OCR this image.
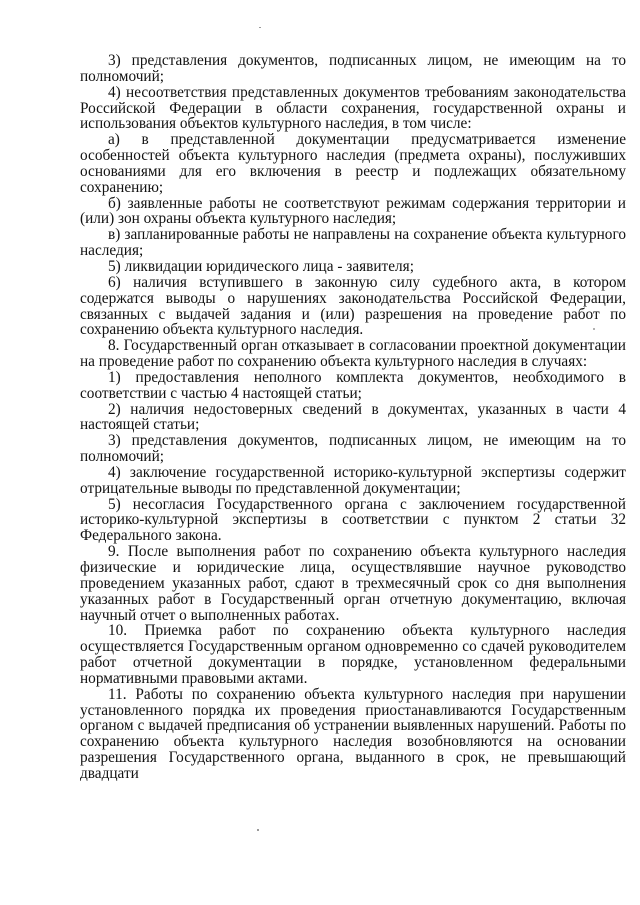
3) представления документов, подписанных лицом, не имеющим на то полномочий;

4) несоответствия представленных документов требованиям законодательства Российской Федерации в области сохранения, государственной охраны и использования объектов культурного наследия, в том числе:

а) в представленной документации предусматривается изменение особенностей объекта культурного наследия (предмета охраны), послуживших основаниями для его включения в реестр и подлежащих обязательному сохранению;

б) заявленные работы не соответствуют режимам содержания территории и (или) зон охраны объекта культурного наследия;

в) запланированные работы не направлены на сохранение объекта культурного наследия;

5) ликвидации юридического лица - заявителя;

6) наличия вступившего в законную силу судебного акта, в котором содержатся выводы о нарушениях законодательства Российской Федерации, связанных с выдачей задания и (или) разрешения на проведение работ по сохранению объекта культурного наследия.

8. Государственный орган отказывает в согласовании проектной документации на проведение работ по сохранению объекта культурного наследия в случаях:

1) предоставления неполного комплекта документов, необходимого в соответствии с частью 4 настоящей статьи;

2) наличия недостоверных сведений в документах, указанных в части 4 настоящей статьи;

3) представления документов, подписанных лицом, не имеющим на то полномочий;

4) заключение государственной историко-культурной экспертизы содержит отрицательные выводы по представленной документации;

5) несогласия Государственного органа с заключением государственной историко-культурной экспертизы в соответствии с пунктом 2 статьи 32 Федерального закона.

9. После выполнения работ по сохранению объекта культурного наследия физические и юридические лица, осуществлявшие научное руководство проведением указанных работ, сдают в трехмесячный срок со дня выполнения указанных работ в Государственный орган отчетную документацию, включая научный отчет о выполненных работах.

10. Приемка работ по сохранению объекта культурного наследия осуществляется Государственным органом одновременно со сдачей руководителем работ отчетной документации в порядке, установленном федеральными нормативными правовыми актами.

11. Работы по сохранению объекта культурного наследия при нарушении установленного порядка их проведения приостанавливаются Государственным органом с выдачей предписания об устранении выявленных нарушений. Работы по сохранению объекта культурного наследия возобновляются на основании разрешения Государственного органа, выданного в срок, не превышающий двадцати
